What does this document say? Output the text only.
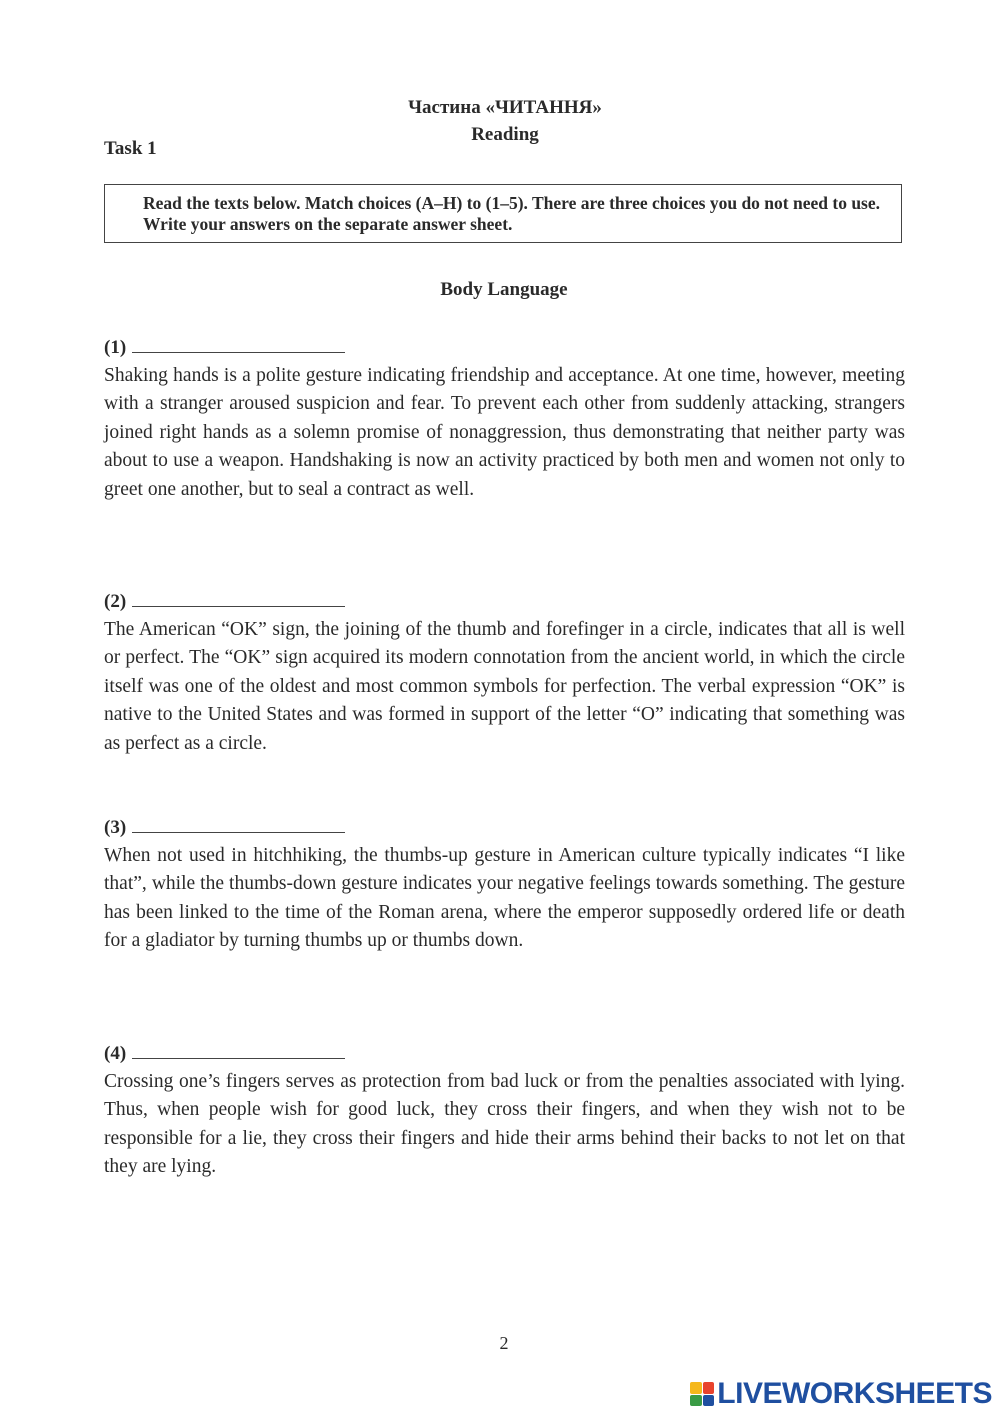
Частина «ЧИТАННЯ»
Reading
Task 1
Read the texts below. Match choices (A–H) to (1–5). There are three choices you do not need to use. Write your answers on the separate answer sheet.
Body Language
(1)

Shaking hands is a polite gesture indicating friendship and acceptance. At one time, however, meeting with a stranger aroused suspicion and fear. To prevent each other from suddenly attacking, strangers joined right hands as a solemn promise of nonaggression, thus demonstrating that neither party was about to use a weapon. Handshaking is now an activity practiced by both men and women not only to greet one another, but to seal a contract as well.

(2)

The American “OK” sign, the joining of the thumb and forefinger in a circle, indicates that all is well or perfect. The “OK” sign acquired its modern connotation from the ancient world, in which the circle itself was one of the oldest and most common symbols for perfection. The verbal expression “OK” is native to the United States and was formed in support of the letter “O” indicating that something was as perfect as a circle.

(3)

When not used in hitchhiking, the thumbs-up gesture in American culture typically indicates “I like that”, while the thumbs-down gesture indicates your negative feelings towards something. The gesture has been linked to the time of the Roman arena, where the emperor supposedly ordered life or death for a gladiator by turning thumbs up or thumbs down.

(4)

Crossing one’s fingers serves as protection from bad luck or from the penalties associated with lying. Thus, when people wish for good luck, they cross their fingers, and when they wish not to be responsible for a lie, they cross their fingers and hide their arms behind their backs to not let on that they are lying.

2
LIVEWORKSHEETS
